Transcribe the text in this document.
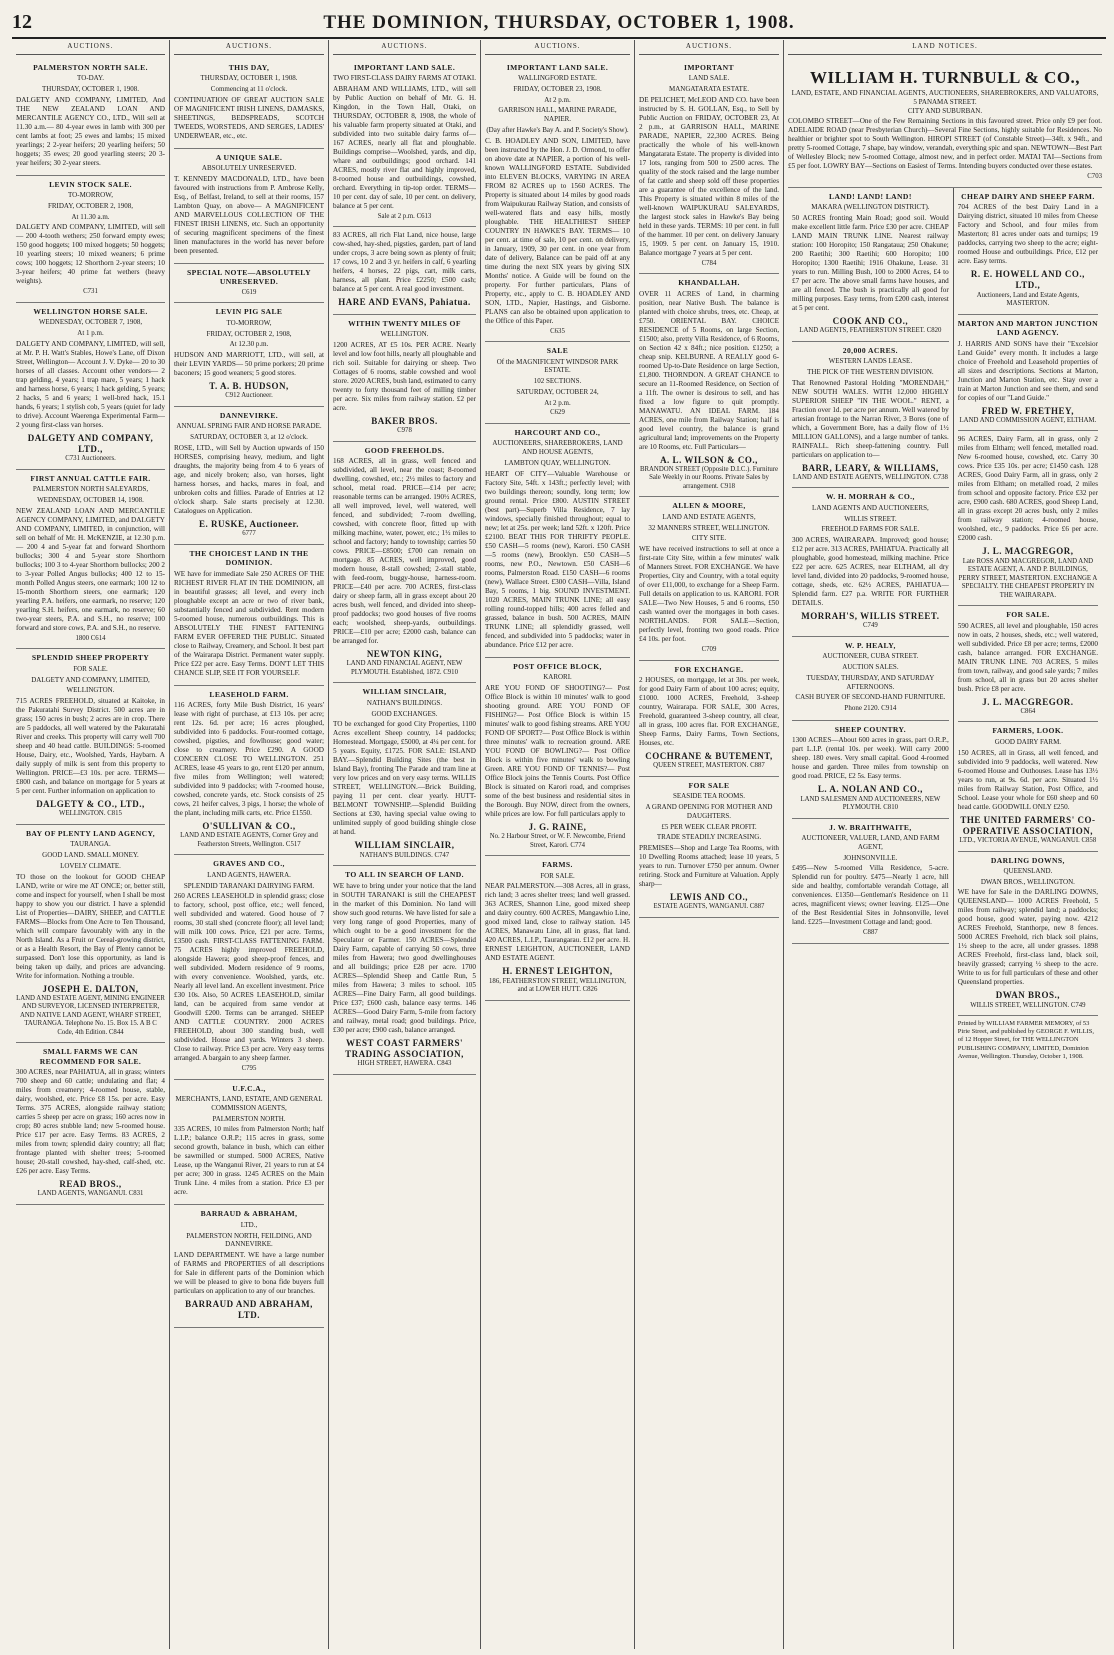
12	THE DOMINION, THURSDAY, OCTOBER 1, 1908.
AUCTIONS.
PALMERSTON NORTH SALE.
TO-DAY.
THURSDAY, OCTOBER 1, 1908.

DALGETY AND COMPANY, LIMITED, And THE NEW ZEALAND LOAN AND MERCANTILE AGENCY CO., LTD., Will sell at 11.30 a.m.— 80 4-year ewes in lamb with 300 per cent lambs at foot; 25 ewes and lambs; 15 mixed yearlings; 2 2-year heifers; 20 yearling heifers; 50 hoggets; 35 ewes; 20 good yearling steers; 20 3-year heifers; 30 2-year steers.

LEVIN STOCK SALE.
TO-MORROW,
FRIDAY, OCTOBER 2, 1908,
At 11.30 a.m.

DALGETY AND COMPANY, LIMITED, will sell— 200 4-tooth wethers; 250 forward empty ewes; 150 good hoggets; 100 mixed hoggets; 50 hoggets; 10 yearling steers; 10 mixed weaners; 6 prime cows; 100 hoggets; 12 Shorthorn 2-year steers; 10 3-year heifers; 40 prime fat wethers (heavy weights).

C731
WELLINGTON HORSE SALE.
WEDNESDAY, OCTOBER 7, 1908,
At 1 p.m.

DALGETY AND COMPANY, LIMITED, will sell, at Mr. P. H. Watt's Stables, Howe's Lane, off Dixon Street, Wellington— Account J. V. Dyke— 20 to 30 horses of all classes. Account other vendors— 2 trap gelding, 4 years; 1 trap mare, 5 years; 1 hack and harness horse, 6 years; 1 hack gelding, 5 years; 2 hacks, 5 and 6 years; 1 well-bred hack, 15.1 hands, 6 years; 1 stylish cob, 5 years (quiet for lady to drive). Account Waerenga Experimental Farm— 2 young first-class van horses.

DALGETY AND COMPANY, LTD.,
C731 Auctioneers.
FIRST ANNUAL CATTLE FAIR.
PALMERSTON NORTH SALEYARDS,
WEDNESDAY, OCTOBER 14, 1908.

NEW ZEALAND LOAN AND MERCANTILE AGENCY COMPANY, LIMITED, and DALGETY AND COMPANY, LIMITED, in conjunction, will sell on behalf of Mr. H. McKENZIE, at 12.30 p.m.— 200 4 and 5-year fat and forward Shorthorn bullocks; 300 4 and 5-year store Shorthorn bullocks; 100 3 to 4-year Shorthorn bullocks; 200 2 to 3-year Polled Angus bullocks; 400 12 to 15-month Polled Angus steers, one earmark; 100 12 to 15-month Shorthorn steers, one earmark; 120 yearling P.A. heifers, one earmark, no reserve; 120 yearling S.H. heifers, one earmark, no reserve; 60 two-year steers, P.A. and S.H., no reserve; 100 forward and store cows, P.A. and S.H., no reserve.

1800 C614
SPLENDID SHEEP PROPERTY
FOR SALE.
DALGETY AND COMPANY, LIMITED,
WELLINGTON.

715 ACRES FREEHOLD, situated at Kaitoke, in the Pakuratahi Survey District. 500 acres are in grass; 150 acres in bush; 2 acres are in crop. There are 5 paddocks, all well watered by the Pakuratahi River and creeks. This property will carry well 700 sheep and 40 head cattle. BUILDINGS: 5-roomed House, Dairy, etc., Woolshed, Yards, Haybarn. A daily supply of milk is sent from this property to Wellington. PRICE—£3 10s. per acre. TERMS—£800 cash, and balance on mortgage for 5 years at 5 per cent. Further information on application to

DALGETY & CO., LTD.,
WELLINGTON. C815
BAY OF PLENTY LAND AGENCY,
TAURANGA.
GOOD LAND. SMALL MONEY.
LOVELY CLIMATE.

TO those on the lookout for GOOD CHEAP LAND, write or wire me AT ONCE; or, better still, come and inspect for yourself, when I shall be most happy to show you our district. I have a splendid List of Properties—DAIRY, SHEEP, and CATTLE FARMS—Blocks from One Acre to Ten Thousand, which will compare favourably with any in the North Island. As a Fruit or Cereal-growing district, or as a Health Resort, the Bay of Plenty cannot be surpassed. Don't lose this opportunity, as land is being taken up daily, and prices are advancing. Write for information. Nothing a trouble.

JOSEPH E. DALTON,
LAND AND ESTATE AGENT, MINING ENGINEER AND SURVEYOR, LICENSED INTERPRETER, AND NATIVE LAND AGENT, WHARF STREET, TAURANGA. Telephone No. 15. Box 15. A B C Code, 4th Edition. C844
SMALL FARMS WE CAN RECOMMEND FOR SALE.

300 ACRES, near PAHIATUA, all in grass; winters 700 sheep and 60 cattle; undulating and flat; 4 miles from creamery; 4-roomed house, stable, dairy, woolshed, etc. Price £8 15s. per acre. Easy Terms. 375 ACRES, alongside railway station; carries 5 sheep per acre on grass; 160 acres now in crop; 80 acres stubble land; new 5-roomed house. Price £17 per acre. Easy Terms. 83 ACRES, 2 miles from town; splendid dairy country; all flat; frontage planted with shelter trees; 5-roomed house; 20-stall cowshed, hay-shed, calf-shed, etc. £26 per acre. Easy Terms.

READ BROS.,
LAND AGENTS, WANGANUI. C831
AUCTIONS.
THIS DAY,
THURSDAY, OCTOBER 1, 1908.
Commencing at 11 o'clock.

CONTINUATION OF GREAT AUCTION SALE OF MAGNIFICENT IRISH LINENS, DAMASKS, SHEETINGS, BEDSPREADS, SCOTCH TWEEDS, WORSTEDS, AND SERGES, LADIES' UNDERWEAR, etc., etc.

A UNIQUE SALE.
ABSOLUTELY UNRESERVED.

T. KENNEDY MACDONALD, LTD., have been favoured with instructions from P. Ambrose Kelly, Esq., of Belfast, Ireland, to sell at their rooms, 157 Lambton Quay, on above— A MAGNIFICENT AND MARVELLOUS COLLECTION OF THE FINEST IRISH LINENS, etc. Such an opportunity of securing magnificent specimens of the finest linen manufactures in the world has never before been presented.

SPECIAL NOTE—ABSOLUTELY UNRESERVED.
C619
LEVIN PIG SALE
TO-MORROW,
FRIDAY, OCTOBER 2, 1908,
At 12.30 p.m.

HUDSON AND MARRIOTT, LTD., will sell, at their LEVIN YARDS— 50 prime porkers; 20 prime baconers; 15 good weaners; 5 good stores.

T. A. B. HUDSON,
C912 Auctioneer.
DANNEVIRKE.
ANNUAL SPRING FAIR AND HORSE PARADE.
SATURDAY, OCTOBER 3, at 12 o'clock.

ROSE, LTD., will Sell by Auction upwards of 150 HORSES, comprising heavy, medium, and light draughts, the majority being from 4 to 6 years of age, and nicely broken; also, van horses, light harness horses, and hacks, mares in foal, and unbroken colts and fillies. Parade of Entries at 12 o'clock sharp. Sale starts precisely at 12.30. Catalogues on Application.

E. RUSKE, Auctioneer.
6777
THE CHOICEST LAND IN THE DOMINION.

WE have for immediate Sale 250 ACRES OF THE RICHEST RIVER FLAT IN THE DOMINION, all in beautiful grasses; all level, and every inch ploughable except an acre or two of river bank, substantially fenced and subdivided. Rent modern 5-roomed house, numerous outbuildings. This is ABSOLUTELY THE FINEST FATTENING FARM EVER OFFERED THE PUBLIC. Situated close to Railway, Creamery, and School. It best part of the Wairarapa District. Permanent water supply. Price £22 per acre. Easy Terms. DON'T LET THIS CHANCE SLIP, SEE IT FOR YOURSELF.

LEASEHOLD FARM.

116 ACRES, forty Mile Bush District, 16 years' lease with right of purchase, at £13 10s. per acre; rent 12s. 6d. per acre; 16 acres ploughed, subdivided into 6 paddocks. Four-roomed cottage, cowshed, pigsties, and fowlhouse; good water; close to creamery. Price £290. A GOOD CONCERN CLOSE TO WELLINGTON. 251 ACRES, lease 45 years to go, rent £120 per annum, five miles from Wellington; well watered; subdivided into 9 paddocks; with 7-roomed house, cowshed, concrete yards, etc. Stock consists of 25 cows, 21 heifer calves, 3 pigs, 1 horse; the whole of the plant, including milk carts, etc. Price £1550.

O'SULLIVAN & CO.,
LAND AND ESTATE AGENTS, Corner Grey and Featherston Streets, Wellington. C517
GRAVES AND CO.,
LAND AGENTS, HAWERA.
SPLENDID TARANAKI DAIRYING FARM.

260 ACRES LEASEHOLD in splendid grass; close to factory, school, post office, etc.; well fenced, well subdivided and watered. Good house of 7 rooms, 30 stall shed (concrete floor); all level land; will milk 100 cows. Price, £21 per acre. Terms, £3500 cash. FIRST-CLASS FATTENING FARM. 75 ACRES highly improved FREEHOLD, alongside Hawera; good sheep-proof fences, and well subdivided. Modern residence of 9 rooms, with every convenience. Woolshed, yards, etc. Nearly all level land. An excellent investment. Price £30 10s. Also, 50 ACRES LEASEHOLD, similar land, can be acquired from same vendor at Goodwill £200. Terms can be arranged. SHEEP AND CATTLE COUNTRY. 2000 ACRES FREEHOLD, about 300 standing bush, well subdivided. House and yards. Winters 3 sheep. Close to railway. Price £3 per acre. Very easy terms arranged. A bargain to any sheep farmer.

C795
U.F.C.A.,
MERCHANTS, LAND, ESTATE, AND GENERAL COMMISSION AGENTS,
PALMERSTON NORTH.

335 ACRES, 10 miles from Palmerston North; half L.I.P.; balance O.R.P.; 115 acres in grass, some second growth, balance in bush, which can either be sawmilled or stumped. 5000 ACRES, Native Lease, up the Wanganui River, 21 years to run at £4 per acre; 300 in grass. 1245 ACRES on the Main Trunk Line. 4 miles from a station. Price £3 per acre.

BARRAUD & ABRAHAM,
LTD.,
PALMERSTON NORTH, FEILDING, AND DANNEVIRKE.

LAND DEPARTMENT. WE have a large number of FARMS and PROPERTIES of all descriptions for Sale in different parts of the Dominion which we will be pleased to give to bona fide buyers full particulars on application to any of our branches.

BARRAUD AND ABRAHAM, LTD.
AUCTIONS.
IMPORTANT LAND SALE.
TWO FIRST-CLASS DAIRY FARMS AT OTAKI.

ABRAHAM AND WILLIAMS, LTD., will sell by Public Auction on behalf of Mr. G. H. Kingdon, in the Town Hall, Otaki, on THURSDAY, OCTOBER 8, 1908, the whole of his valuable farm property situated at Otaki, and subdivided into two suitable dairy farms of— 167 ACRES, nearly all flat and ploughable. Buildings comprise—Woolshed, yards, and dip, whare and outbuildings; good orchard. 141 ACRES, mostly river flat and highly improved, 8-roomed house and outbuildings, cowshed, orchard. Everything in tip-top order. TERMS—10 per cent. day of sale, 10 per cent. on delivery, balance at 5 per cent.

Sale at 2 p.m. C613

83 ACRES, all rich Flat Land, nice house, large cow-shed, hay-shed, pigsties, garden, part of land under crops, 3 acre being sown as plenty of fruit; 17 cows, 10 2 and 3 yr. heifers in calf, 6 yearling heifers, 4 horses, 22 pigs, cart, milk carts, harness, all plant. Price £2250; £500 cash; balance at 5 per cent. A real good investment.

HARE AND EVANS, Pahiatua.
WITHIN TWENTY MILES OF
WELLINGTON.

1200 ACRES, AT £5 10s. PER ACRE. Nearly level and low foot hills, nearly all ploughable and rich soil. Suitable for dairying or sheep. Two Cottages of 6 rooms, stable cowshed and wool store. 2020 ACRES, bush land, estimated to carry twenty to forty thousand feet of milling timber per acre. Six miles from railway station. £2 per acre.

BAKER BROS.
C978
GOOD FREEHOLDS.

168 ACRES, all in grass, well fenced and subdivided, all level, near the coast; 8-roomed dwelling, cowshed, etc.; 2½ miles to factory and school, metal road. PRICE—£14 per acre; reasonable terms can be arranged. 190½ ACRES, all well improved, level, well watered, well fenced, and subdivided; 7-room dwelling, cowshed, with concrete floor, fitted up with milking machine, water, power, etc.; 1½ miles to school and factory; handy to township; carries 50 cows. PRICE—£8500; £700 can remain on mortgage. 85 ACRES, well improved, good modern house, 8-stall cowshed; 2-stall stable, with feed-room, buggy-house, harness-room. PRICE—£40 per acre. 700 ACRES, first-class dairy or sheep farm, all in grass except about 20 acres bush, well fenced, and divided into sheep-proof paddocks; two good houses of five rooms each; woolshed, sheep-yards, outbuildings. PRICE—£10 per acre; £2000 cash, balance can be arranged for.

NEWTON KING,
LAND AND FINANCIAL AGENT, NEW PLYMOUTH. Established, 1872. C910
WILLIAM SINCLAIR,
NATHAN'S BUILDINGS.
GOOD EXCHANGES.

TO be exchanged for good City Properties, 1100 Acres excellent Sheep country, 14 paddocks; Homestead. Mortgage, £5000, at 4¼ per cent. for 5 years. Equity, £1725. FOR SALE: ISLAND BAY.—Splendid Building Sites (the best in Island Bay), fronting The Parade and tram line at very low prices and on very easy terms. WILLIS STREET, WELLINGTON.—Brick Building, paying 11 per cent. clear yearly. HUTT-BELMONT TOWNSHIP.—Splendid Building Sections at £30, having special value owing to unlimited supply of good building shingle close at hand.

WILLIAM SINCLAIR,
NATHAN'S BUILDINGS. C747
TO ALL IN SEARCH OF LAND.

WE have to bring under your notice that the land in SOUTH TARANAKI is still the CHEAPEST in the market of this Dominion. No land will show such good returns. We have listed for sale a very long range of good Properties, many of which ought to be a good investment for the Speculator or Farmer. 150 ACRES—Splendid Dairy Farm, capable of carrying 50 cows, three miles from Hawera; two good dwellinghouses and all buildings; price £28 per acre. 1700 ACRES—Splendid Sheep and Cattle Run, 5 miles from Hawera; 3 miles to school. 105 ACRES—Fine Dairy Farm, all good buildings. Price £37; £600 cash, balance easy terms. 146 ACRES—Good Dairy Farm, 5-mile from factory and railway, metal road; good buildings. Price, £30 per acre; £900 cash, balance arranged.

WEST COAST FARMERS' TRADING ASSOCIATION,
HIGH STREET, HAWERA. C843
AUCTIONS.
IMPORTANT LAND SALE.
WALLINGFORD ESTATE.
FRIDAY, OCTOBER 23, 1908.
At 2 p.m.
GARRISON HALL, MARINE PARADE, NAPIER.
(Day after Hawke's Bay A. and P. Society's Show).

C. B. HOADLEY AND SON, LIMITED, have been instructed by the Hon. J. D. Ormond, to offer on above date at NAPIER, a portion of his well-known WALLINGFORD ESTATE. Subdivided into ELEVEN BLOCKS, VARYING IN AREA FROM 82 ACRES up to 1560 ACRES. The Property is situated about 14 miles by good roads from Waipukurau Railway Station, and consists of well-watered flats and easy hills, mostly ploughable. THE HEALTHIEST SHEEP COUNTRY IN HAWKE'S BAY. TERMS— 10 per cent. at time of sale, 10 per cent. on delivery, in January, 1909, 30 per cent. in one year from date of delivery, Balance can be paid off at any time during the next SIX years by giving SIX Months' notice. A Guide will be found on the property. For further particulars, Plans of Property, etc., apply to C. B. HOADLEY AND SON, LTD., Napier, Hastings, and Gisborne. PLANS can also be obtained upon application to the Office of this Paper.

C635
SALE
Of the MAGNIFICENT WINDSOR PARK ESTATE.
102 SECTIONS.
SATURDAY, OCTOBER 24,
At 2 p.m.
C629
HARCOURT AND CO.,
AUCTIONEERS, SHAREBROKERS, LAND AND HOUSE AGENTS,
LAMBTON QUAY, WELLINGTON.

HEART OF CITY—Valuable Warehouse or Factory Site, 54ft. x 143ft.; perfectly level; with two buildings thereon; soundly, long term; low ground rental. Price £800. AUSTIN STREET (best part)—Superb Villa Residence, 7 lay windows, specially finished throughout; equal to new; let at 25s. per week; land 52ft. x 120ft. Price £2100. BEAT THIS FOR THRIFTY PEOPLE. £50 CASH—5 rooms (new), Karori. £50 CASH—5 rooms (new), Brooklyn. £50 CASH—5 rooms, new P.O., Newtown. £50 CASH—6 rooms, Palmerston Road. £150 CASH—6 rooms (new), Wallace Street. £300 CASH—Villa, Island Bay, 5 rooms, 1 big. SOUND INVESTMENT. 1020 ACRES, MAIN TRUNK LINE; all easy rolling round-topped hills; 400 acres felled and grassed, balance in bush. 500 ACRES, MAIN TRUNK LINE; all splendidly grassed, well fenced, and subdivided into 5 paddocks; water in abundance. Price £12 per acre.

POST OFFICE BLOCK,
KARORI.

ARE YOU FOND OF SHOOTING?— Post Office Block is within 10 minutes' walk to good shooting ground. ARE YOU FOND OF FISHING?— Post Office Block is within 15 minutes' walk to good fishing streams. ARE YOU FOND OF SPORT?— Post Office Block is within three minutes' walk to recreation ground. ARE YOU FOND OF BOWLING?— Post Office Block is within five minutes' walk to bowling Green. ARE YOU FOND OF TENNIS?— Post Office Block joins the Tennis Courts. Post Office Block is situated on Karori road, and comprises some of the best business and residential sites in the Borough. Buy NOW, direct from the owners, while prices are low. For full particulars apply to

J. G. RAINE,
No. 2 Harbour Street, or W. F. Newcombe, Friend Street, Karori. C774
FARMS.
FOR SALE.

NEAR PALMERSTON.—308 Acres, all in grass, rich land; 3 acres shelter trees; land well grassed. 363 ACRES, Shannon Line, good mixed sheep and dairy country. 600 ACRES, Mangawhio Line, good mixed land, close to railway station. 145 ACRES, Manawatu Line, all in grass, flat land. 420 ACRES, L.I.P., Taurangarau. £12 per acre. H. ERNEST LEIGHTON, AUCTIONEER, LAND AND ESTATE AGENT.

H. ERNEST LEIGHTON,
186, FEATHERSTON STREET, WELLINGTON, and at LOWER HUTT. C826
AUCTIONS.
IMPORTANT
LAND SALE.
MANGATARATA ESTATE.

DE PELICHET, McLEOD AND CO. have been instructed by S. H. GOLLAN, Esq., to Sell by Public Auction on FRIDAY, OCTOBER 23, At 2 p.m., at GARRISON HALL, MARINE PARADE, NAPIER, 22,300 ACRES. Being practically the whole of his well-known Mangatarata Estate. The property is divided into 17 lots, ranging from 500 to 2500 acres. The quality of the stock raised and the large number of fat cattle and sheep sold off these properties are a guarantee of the excellence of the land. This Property is situated within 8 miles of the well-known WAIPUKURAU SALEYARDS, the largest stock sales in Hawke's Bay being held in these yards. TERMS: 10 per cent. in full of the hammer. 10 per cent. on delivery January 15, 1909. 5 per cent. on January 15, 1910. Balance mortgage 7 years at 5 per cent.

C784
KHANDALLAH.

OVER 11 ACRES of Land, in charming position, near Native Bush. The balance is planted with choice shrubs, trees, etc. Cheap, at £750. ORIENTAL BAY. CHOICE RESIDENCE of 5 Rooms, on large Section, £1500; also, pretty Villa Residence, of 6 Rooms, on Section 42 x 84ft.; nice position. £1250; a cheap snip. KELBURNE. A REALLY good 6-roomed Up-to-Date Residence on large Section, £1,800. THORNDON. A GREAT CHANCE to secure an 11-Roomed Residence, on Section of a 11ft. The owner is desirous to sell, and has fixed a low figure to quit promptly. MANAWATU. AN IDEAL FARM. 184 ACRES, one mile from Railway Station; half is good level country, the balance is grand agricultural land; improvements on the Property are 10 Rooms, etc. Full Particulars—

A. L. WILSON & CO.,
BRANDON STREET (Opposite D.I.C.). Furniture Sale Weekly in our Rooms. Private Sales by arrangement. C918
ALLEN & MOORE,
LAND AND ESTATE AGENTS,
32 MANNERS STREET, WELLINGTON.
CITY SITE.

WE have received instructions to sell at once a first-rate City Site, within a few minutes' walk of Manners Street. FOR EXCHANGE. We have Properties, City and Country, with a total equity of over £11,000, to exchange for a Sheep Farm. Full details on application to us. KARORI. FOR SALE—Two New Houses, 5 and 6 rooms, £50 cash wanted over the mortgages in both cases. NORTHLANDS. FOR SALE—Section, perfectly level, fronting two good roads. Price £4 10s. per foot.

C709
FOR EXCHANGE.

2 HOUSES, on mortgage, let at 30s. per week, for good Dairy Farm of about 100 acres; equity, £1000. 1000 ACRES, Freehold, 3-sheep country, Wairarapa. FOR SALE, 300 Acres, Freehold, guaranteed 3-sheep country, all clear, all in grass, 100 acres flat. FOR EXCHANGE, Sheep Farms, Dairy Farms, Town Sections, Houses, etc.

COCHRANE & BUTEMENT,
QUEEN STREET, MASTERTON. C887
FOR SALE
SEASIDE TEA ROOMS.
A GRAND OPENING FOR MOTHER AND DAUGHTERS.
£5 PER WEEK CLEAR PROFIT.
TRADE STEADILY INCREASING.

PREMISES—Shop and Large Tea Rooms, with 10 Dwelling Rooms attached; lease 10 years, 5 years to run. Turnover £750 per annum. Owner retiring. Stock and Furniture at Valuation. Apply sharp—

LEWIS AND CO.,
ESTATE AGENTS, WANGANUI. C887
LAND NOTICES.
WILLIAM H. TURNBULL & CO.,
LAND, ESTATE, AND FINANCIAL AGENTS, AUCTIONEERS, SHAREBROKERS, AND VALUATORS,
5 PANAMA STREET.
CITY AND SUBURBAN.

COLOMBO STREET—One of the Few Remaining Sections in this favoured street. Price only £9 per foot. ADELAIDE ROAD (near Presbyterian Church)—Several Fine Sections, highly suitable for Residences. No healthier or brighter spot to South Wellington. HIROPI STREET (of Constable Street)—34ft. x 94ft., and pretty 5-roomed Cottage, 7 shape, bay window, verandah, everything spic and span. NEWTOWN—Best Part of Wellesley Block; new 5-roomed Cottage, almost new, and in perfect order. MATAI TAI—Sections from £5 per foot. LOWRY BAY—Sections on Easiest of Terms. Intending buyers conducted over these estates.

C703
LAND! LAND! LAND!
MAKARA (WELLINGTON DISTRICT).

50 ACRES fronting Main Road; good soil. Would make excellent little farm. Price £30 per acre. CHEAP LAND MAIN TRUNK LINE. Nearest railway station: 100 Horopito; 150 Rangataua; 250 Ohakune; 200 Raetihi; 300 Raetihi; 600 Horopito; 100 Horopito; 1300 Raetihi; 1916 Ohakune, Lease. 31 years to run. Milling Bush, 100 to 2000 Acres, £4 to £7 per acre. The above small farms have houses, and are all fenced. The bush is practically all good for milling purposes. Easy terms, from £200 cash, interest at 5 per cent.

COOK AND CO.,
LAND AGENTS, FEATHERSTON STREET. C820
20,000 ACRES.
WESTERN LANDS LEASE.
THE PICK OF THE WESTERN DIVISION.

That Renowned Pastoral Holding "MORENDAH," NEW SOUTH WALES. WITH 12,000 HIGHLY SUPERIOR SHEEP "IN THE WOOL." RENT, a Fraction over 1d. per acre per annum. Well watered by artesian frontage to the Narran River, 3 Bores (one of which, a Government Bore, has a daily flow of 1½ MILLION GALLONS), and a large number of tanks. RAINFALL. Rich sheep-fattening country. Full particulars on application to—

BARR, LEARY, & WILLIAMS,
LAND AND ESTATE AGENTS, WELLINGTON. C738
W. H. MORRAH & CO.,
LAND AGENTS AND AUCTIONEERS,
WILLIS STREET.
FREEHOLD FARMS FOR SALE.

300 ACRES, WAIRARAPA. Improved; good house; £12 per acre. 313 ACRES, PAHIATUA. Practically all ploughable, good homestead, milking machine. Price £22 per acre. 625 ACRES, near ELTHAM, all dry level land, divided into 20 paddocks, 9-roomed house, cottage, sheds, etc. 62½ ACRES, PAHIATUA—Splendid farm. £27 p.a. WRITE FOR FURTHER DETAILS.

MORRAH'S, WILLIS STREET.
C749
W. P. HEALY,
AUCTIONEER, CUBA STREET.
AUCTION SALES.
TUESDAY, THURSDAY, AND SATURDAY AFTERNOONS.
CASH BUYER OF SECOND-HAND FURNITURE.
Phone 2120. C914
SHEEP COUNTRY.

1300 ACRES—About 600 acres in grass, part O.R.P., part L.I.P. (rental 10s. per week). Will carry 2000 sheep. 180 ewes. Very small capital. Good 4-roomed house and garden. Three miles from township on good road. PRICE, £2 5s. Easy terms.

L. A. NOLAN AND CO.,
LAND SALESMEN AND AUCTIONEERS, NEW PLYMOUTH. C810
J. W. BRAITHWAITE,
AUCTIONEER, VALUER, LAND, AND FARM AGENT,
JOHNSONVILLE.

£495—New 5-roomed Villa Residence, 5-acre. Splendid run for poultry. £475—Nearly 1 acre, hill side and healthy, comfortable verandah Cottage, all conveniences. £1350—Gentleman's Residence on 11 acres, magnificent views; owner leaving. £125—One of the Best Residential Sites in Johnsonville, level land. £225—Investment Cottage and land; good.

C887
CHEAP DAIRY AND SHEEP FARM.

704 ACRES of the best Dairy Land in a Dairying district, situated 10 miles from Cheese Factory and School, and four miles from Masterton; 81 acres under oats and turnips; 19 paddocks, carrying two sheep to the acre; eight-roomed House and outbuildings. Price, £12 per acre. Easy terms.

R. E. HOWELL AND CO., LTD.,
Auctioneers, Land and Estate Agents, MASTERTON.
MARTON AND MARTON JUNCTION LAND AGENCY.

J. HARRIS AND SONS have their "Excelsior Land Guide" every month. It includes a large choice of Freehold and Leasehold properties of all sizes and descriptions. Sections at Marton, Junction and Marton Station, etc. Stay over a train at Marton Junction and see them, and send for copies of our "Land Guide."

FRED W. FRETHEY,
LAND AND COMMISSION AGENT, ELTHAM.

96 ACRES, Dairy Farm, all in grass, only 2 miles from Eltham; well fenced, metalled road. New 6-roomed house, cowshed, etc. Carry 30 cows. Price £35 10s. per acre; £1450 cash. 128 ACRES, Good Dairy Farm, all in grass, only 2 miles from Eltham; on metalled road, 2 miles from school and opposite factory. Price £32 per acre, £900 cash. 680 ACRES, good Sheep Land, all in grass except 20 acres bush, only 2 miles from railway station; 4-roomed house, woolshed, etc., 9 paddocks. Price £6 per acre. £2000 cash.

J. L. MACGREGOR,
Late ROSS AND MACGREGOR, LAND AND ESTATE AGENT, A. AND P. BUILDINGS, PERRY STREET, MASTERTON. EXCHANGE A SPECIALTY. THE CHEAPEST PROPERTY IN THE WAIRARAPA.
FOR SALE.

590 ACRES, all level and ploughable, 150 acres now in oats, 2 houses, sheds, etc.; well watered, well subdivided. Price £8 per acre; terms, £2000 cash, balance arranged. FOR EXCHANGE. MAIN TRUNK LINE. 703 ACRES, 5 miles from town, railway, and good sale yards; 7 miles from school, all in grass but 20 acres shelter bush. Price £8 per acre.

J. L. MACGREGOR.
C864
FARMERS, LOOK.
GOOD DAIRY FARM.

150 ACRES, all in Grass, all well fenced, and subdivided into 9 paddocks, well watered. New 6-roomed House and Outhouses. Lease has 13½ years to run, at 9s. 6d. per acre. Situated 1½ miles from Railway Station, Post Office, and School. Lease your whole for £60 sheep and 60 head cattle. GOODWILL ONLY £250.

THE UNITED FARMERS' CO-OPERATIVE ASSOCIATION,
LTD., VICTORIA AVENUE, WANGANUI. C858
DARLING DOWNS,
QUEENSLAND.
DWAN BROS., WELLINGTON.

WE have for Sale in the DARLING DOWNS, QUEENSLAND— 1000 ACRES Freehold, 5 miles from railway; splendid land; a paddocks; good house, good water, paying now. 4212 ACRES Freehold, Stanthorpe, new 8 fences. 5000 ACRES Freehold, rich black soil plains, 1½ sheep to the acre, all under grasses. 1898 ACRES Freehold, first-class land, black soil, heavily grassed; carrying ½ sheep to the acre. Write to us for full particulars of these and other Queensland properties.

DWAN BROS.,
WILLIS STREET, WELLINGTON. C749

Printed by WILLIAM FARMER MEMORY, of 53 Pirie Street, and published by GEORGE F. WILLIS, of 12 Hopper Street, for THE WELLINGTON PUBLISHING COMPANY, LIMITED, Dominion Avenue, Wellington. Thursday, October 1, 1908.
